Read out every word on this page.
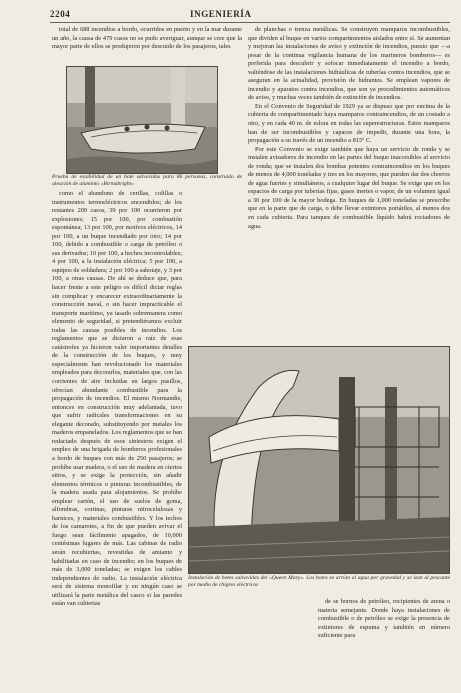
2204	INGENIERÍA

total de 688 incendios a bordo, ocurridos en puerto y en la mar durante un año, la causa de 479 casos no se pudo averiguar, aunque se cree que la mayor parte de ellos se produjeron por descuido de los pasajeros, tales

Prueba de estabilidad de un bote salvavidas para 86 personas, construído de aleación de aluminio «Birmabright»

de planchas o trenza metálicas. Se construyen mamparos incombustibles, que dividen al buque en varios compartimientos aislados entre sí. Se aumentan y mejoran las instalaciones de aviso y extinción de incendios, puesto que —a pesar de la continua vigilancia humana de los marineros bomberos— es preferida para descubrir y sofocar inmediatamente el incendio a bordo, valiéndose de las instalaciones hidráulicas de tuberías contra incendios, que se aseguran en la actualidad, provisión de hidrantes. Se emplean vapores de incendio y aparatos contra incendios, que son ya procedimientos automáticos de aviso, y muchas veces también de extinción de incendios.

En el Convenio de Seguridad de 1929 ya se dispuso que por encima de la cubierta de compartimentado haya mamparos contraincendios, de un costado a otro, y en cada 40 m. de eslora en todas las superestructuras. Estos mamparos han de ser incombustibles y capaces de impedir, durante una hora, la propagación a su través de un incendio a 815º C.

Por este Convenio se exige también que haya un servicio de ronda y se instalen avisadores de incendio en las partes del buque inaccesibles al servicio de ronda; que se instalen dos bombas potentes contraincendios en los buques de menos de 4,000 toneladas y tres en los mayores, que pueden dar dos chorros de agua fuertes y simultáneos, a cualquier lugar del buque. Se exige que en los espacios de carga por tuberías fijas, gases inertes o vapor, de un volumen igual a 30 por 100 de la mayor bodega. En buques de 1,000 toneladas se prescribe que en la parte que de carga, o debe llevar extintores portátiles, al menos dos en cada cubierta. Para tanques de combustible líquido habrá rociadores de agua.

como el abandono de cerillas, colillas o instrumentos termoeléctricos encendidos; de los restantes 209 casos, 39 por 100 ocurrieron por explosiones; 15 por 100, por combustión espontánea; 13 por 100, por motivos eléctricos, 14 por 100, a un buque incendiado por otro; 14 por 100, debido a combustible o carga de petróleo o sus derivados; 10 por 100, a hechos incontrolables; 4 por 100, a la instalación eléctrica; 5 por 100, a equipos de soldadura; 2 por 100 a sabotaje, y 3 por 100, a otras causas. De ahí se deduce que, para hacer frente a este peligro es difícil dictar reglas sin complicar y encarecer extraordinariamente la construcción naval, o sin hacer impracticable el transporte marítimo, ya tasado sobremanera como elemento de seguridad, si pretendiéramos excluir todas las causas posibles de incendios. Los reglamentos que se dictaron a raíz de esas catástrofes ya hicieron valer importantes detalles de la construcción de los buques, y muy especialmente han revolucionado los materiales empleados para decorarlos, materiales que, con las corrientes de aire incluidas en largos pasillos, ofrecían abundante combustible para la propagación de incendios. El mismo Normandie, entonces en construcción muy adelantada, tuvo que sufrir radicales transformaciones en su elegante decorado, substituyendo por metales los maderos empanelados. Los reglamentos que se han redactado después de esos siniestros exigen el empleo de una brigada de bomberos profesionales a bordo de buques con más de 250 pasajeros; se prohíbe usar madera, o el uso de madera en ciertos sitios, y se exige la protección, sin añadir elementos térmicos o pinturas incombustibles, de la madera usada para alojamientos. Se prohíbe emplear cartón, el uso de suelos de goma, alfombras, cortinas, pinturas nitrocelulosas y barnices, y materiales combustibles. Y los techos de los camarotes, a fin de que pueden avivar el fuego sean fácilmente apagados, de 10,000 centésimas lugares de más. Las cabinas de radio serán recubiertas, revestidas de amianto y habilitadas en caso de incendio; en los buques de más de 3,000 toneladas; se exigen los cables independientes de radio. La instalación eléctrica será de sistema monofilar y en ningún caso se utilizará la parte metálica del casco si las paredes están van cubiertas

Instalación de botes salvavidas del «Queen Mary». Los botes se arrían al agua por gravedad y se izan al pescante por medio de chigres eléctricos

de se hornos de petróleo, recipientes de arena o materia semejante. Donde haya instalaciones de combustible o de petróleo se exige la presencia de extintores de espuma y también en número suficiente para
